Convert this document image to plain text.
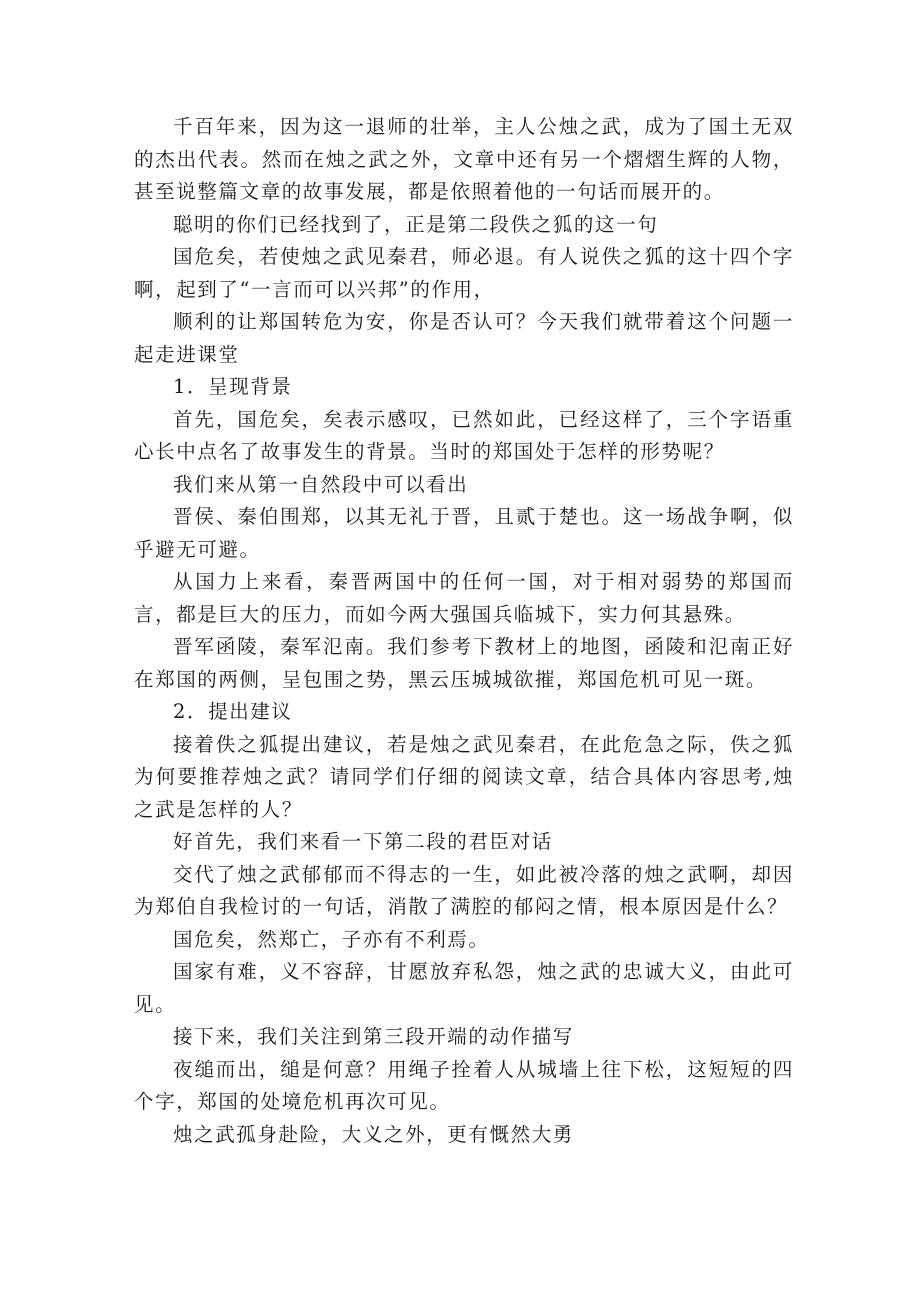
千百年来，因为这一退师的壮举，主人公烛之武，成为了国土无双的杰出代表。然而在烛之武之外，文章中还有另一个熠熠生辉的人物，甚至说整篇文章的故事发展，都是依照着他的一句话而展开的。

聪明的你们已经找到了，正是第二段佚之狐的这一句

国危矣，若使烛之武见秦君，师必退。有人说佚之狐的这十四个字啊，起到了“一言而可以兴邦”的作用，

顺利的让郑国转危为安，你是否认可？今天我们就带着这个问题一起走进课堂

1．呈现背景

首先，国危矣，矣表示感叹，已然如此，已经这样了，三个字语重心长中点名了故事发生的背景。当时的郑国处于怎样的形势呢？

我们来从第一自然段中可以看出

晋侯、秦伯围郑，以其无礼于晋，且贰于楚也。这一场战争啊，似乎避无可避。

从国力上来看，秦晋两国中的任何一国，对于相对弱势的郑国而言，都是巨大的压力，而如今两大强国兵临城下，实力何其悬殊。

晋军函陵，秦军氾南。我们参考下教材上的地图，函陵和氾南正好在郑国的两侧，呈包围之势，黑云压城城欲摧，郑国危机可见一斑。

2．提出建议

接着佚之狐提出建议，若是烛之武见秦君，在此危急之际，佚之狐为何要推荐烛之武？请同学们仔细的阅读文章，结合具体内容思考,烛之武是怎样的人？

好首先，我们来看一下第二段的君臣对话

交代了烛之武郁郁而不得志的一生，如此被冷落的烛之武啊，却因为郑伯自我检讨的一句话，消散了满腔的郁闷之情，根本原因是什么？

国危矣，然郑亡，子亦有不利焉。

国家有难，义不容辞，甘愿放弃私怨，烛之武的忠诚大义，由此可见。

接下来，我们关注到第三段开端的动作描写

夜缒而出，缒是何意？用绳子拴着人从城墙上往下松，这短短的四个字，郑国的处境危机再次可见。

烛之武孤身赴险，大义之外，更有慨然大勇
